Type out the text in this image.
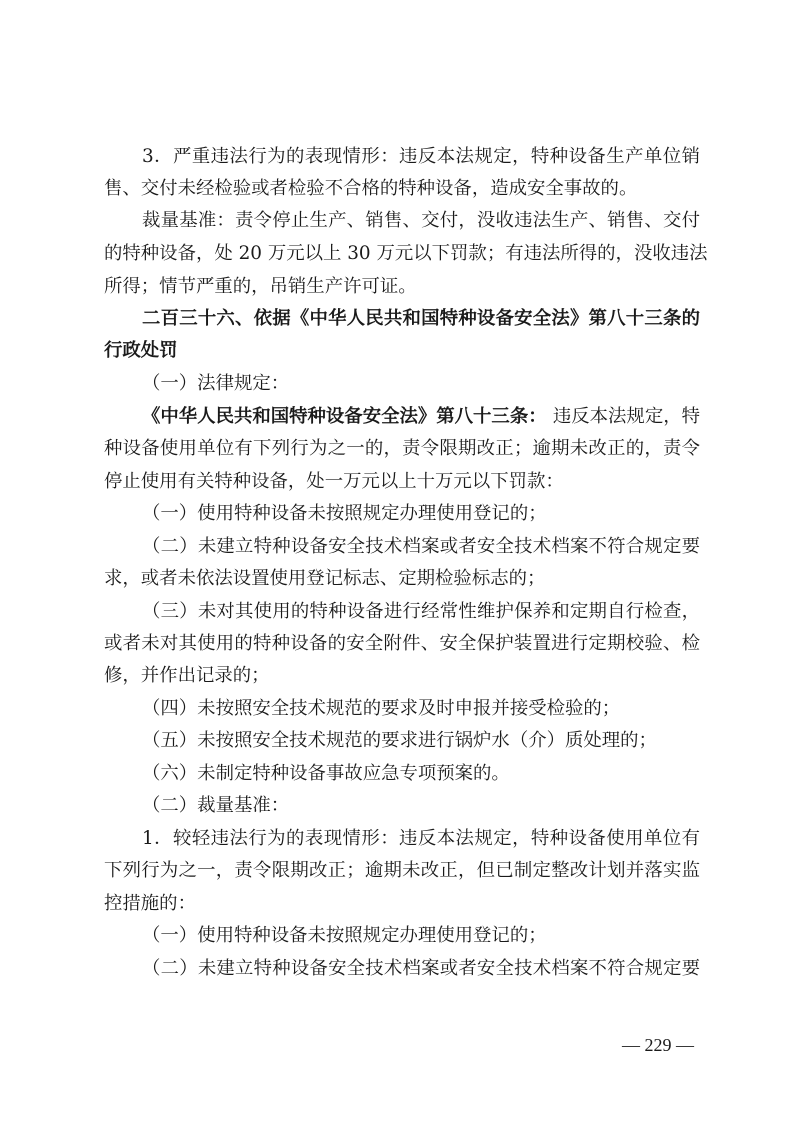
3．严重违法行为的表现情形：违反本法规定，特种设备生产单位销
售、交付未经检验或者检验不合格的特种设备，造成安全事故的。
裁量基准：责令停止生产、销售、交付，没收违法生产、销售、交付
的特种设备，处 20 万元以上 30 万元以下罚款；有违法所得的，没收违法
所得；情节严重的，吊销生产许可证。
二百三十六、依据《中华人民共和国特种设备安全法》第八十三条的
行政处罚
（一）法律规定：
《中华人民共和国特种设备安全法》第八十三条： 违反本法规定，特
种设备使用单位有下列行为之一的，责令限期改正；逾期未改正的，责令
停止使用有关特种设备，处一万元以上十万元以下罚款：
（一）使用特种设备未按照规定办理使用登记的；
（二）未建立特种设备安全技术档案或者安全技术档案不符合规定要
求，或者未依法设置使用登记标志、定期检验标志的；
（三）未对其使用的特种设备进行经常性维护保养和定期自行检查，
或者未对其使用的特种设备的安全附件、安全保护装置进行定期校验、检
修，并作出记录的；
（四）未按照安全技术规范的要求及时申报并接受检验的；
（五）未按照安全技术规范的要求进行锅炉水（介）质处理的；
（六）未制定特种设备事故应急专项预案的。
（二）裁量基准：
1．较轻违法行为的表现情形：违反本法规定，特种设备使用单位有
下列行为之一，责令限期改正；逾期未改正，但已制定整改计划并落实监
控措施的：
（一）使用特种设备未按照规定办理使用登记的；
（二）未建立特种设备安全技术档案或者安全技术档案不符合规定要
— 229 —
